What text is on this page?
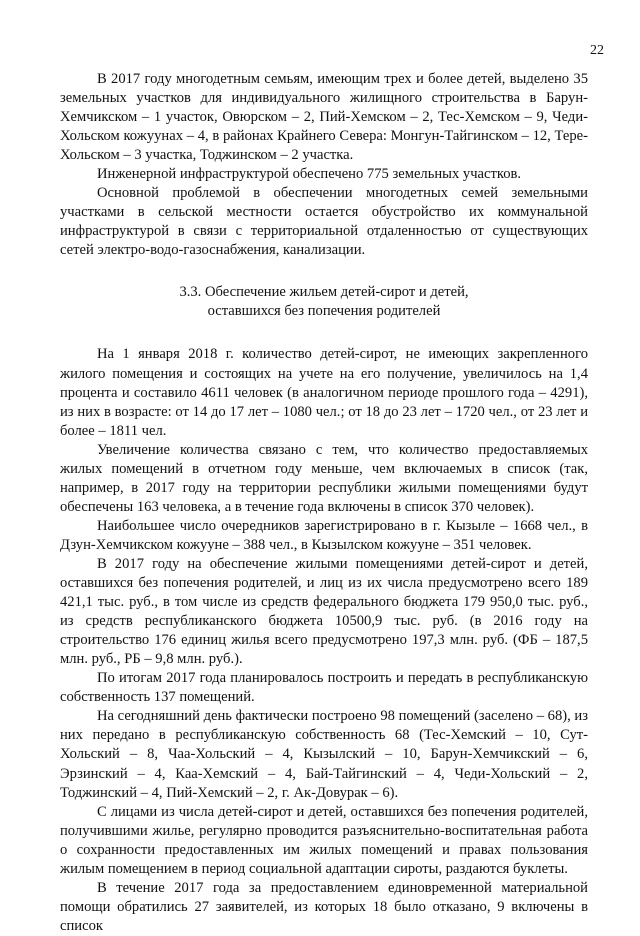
22

В 2017 году многодетным семьям, имеющим трех и более детей, выделено 35 земельных участков для индивидуального жилищного строительства в Барун-Хемчикском – 1 участок, Овюрском – 2, Пий-Хемском – 2, Тес-Хемском – 9, Чеди-Хольском кожуунах – 4, в районах Крайнего Севера: Монгун-Тайгинском – 12, Тере-Хольском – 3 участка, Тоджинском – 2 участка.

Инженерной инфраструктурой обеспечено 775 земельных участков.

Основной проблемой в обеспечении многодетных семей земельными участками в сельской местности остается обустройство их коммунальной инфраструктурой в связи с территориальной отдаленностью от существующих сетей электро-водо-газоснабжения, канализации.

3.3. Обеспечение жильем детей-сирот и детей,
оставшихся без попечения родителей

На 1 января 2018 г. количество детей-сирот, не имеющих закрепленного жилого помещения и состоящих на учете на его получение, увеличилось на 1,4 процента и составило 4611 человек (в аналогичном периоде прошлого года – 4291), из них в возрасте: от 14 до 17 лет – 1080 чел.; от 18 до 23 лет – 1720 чел., от 23 лет и более – 1811 чел.

Увеличение количества связано с тем, что количество предоставляемых жилых помещений в отчетном году меньше, чем включаемых в список (так, например, в 2017 году на территории республики жилыми помещениями будут обеспечены 163 человека, а в течение года включены в список 370 человек).

Наибольшее число очередников зарегистрировано в г. Кызыле – 1668 чел., в Дзун-Хемчикском кожууне – 388 чел., в Кызылском кожууне – 351 человек.

В 2017 году на обеспечение жилыми помещениями детей-сирот и детей, оставшихся без попечения родителей, и лиц из их числа предусмотрено всего 189 421,1 тыс. руб., в том числе из средств федерального бюджета 179 950,0 тыс. руб., из средств республиканского бюджета 10500,9 тыс. руб. (в 2016 году на строительство 176 единиц жилья всего предусмотрено 197,3 млн. руб. (ФБ – 187,5 млн. руб., РБ – 9,8 млн. руб.).

По итогам 2017 года планировалось построить и передать в республиканскую собственность 137 помещений.

На сегодняшний день фактически построено 98 помещений (заселено – 68), из них передано в республиканскую собственность 68 (Тес-Хемский – 10, Сут-Хольский – 8, Чаа-Хольский – 4, Кызылский – 10, Барун-Хемчикский – 6, Эрзинский – 4, Каа-Хемский – 4, Бай-Тайгинский – 4, Чеди-Хольский – 2, Тоджинский – 4, Пий-Хемский – 2, г. Ак-Довурак – 6).

С лицами из числа детей-сирот и детей, оставшихся без попечения родителей, получившими жилье, регулярно проводится разъяснительно-воспитательная работа о сохранности предоставленных им жилых помещений и правах пользования жилым помещением в период социальной адаптации сироты, раздаются буклеты.

В течение 2017 года за предоставлением единовременной материальной помощи обратились 27 заявителей, из которых 18 было отказано, 9 включены в список
